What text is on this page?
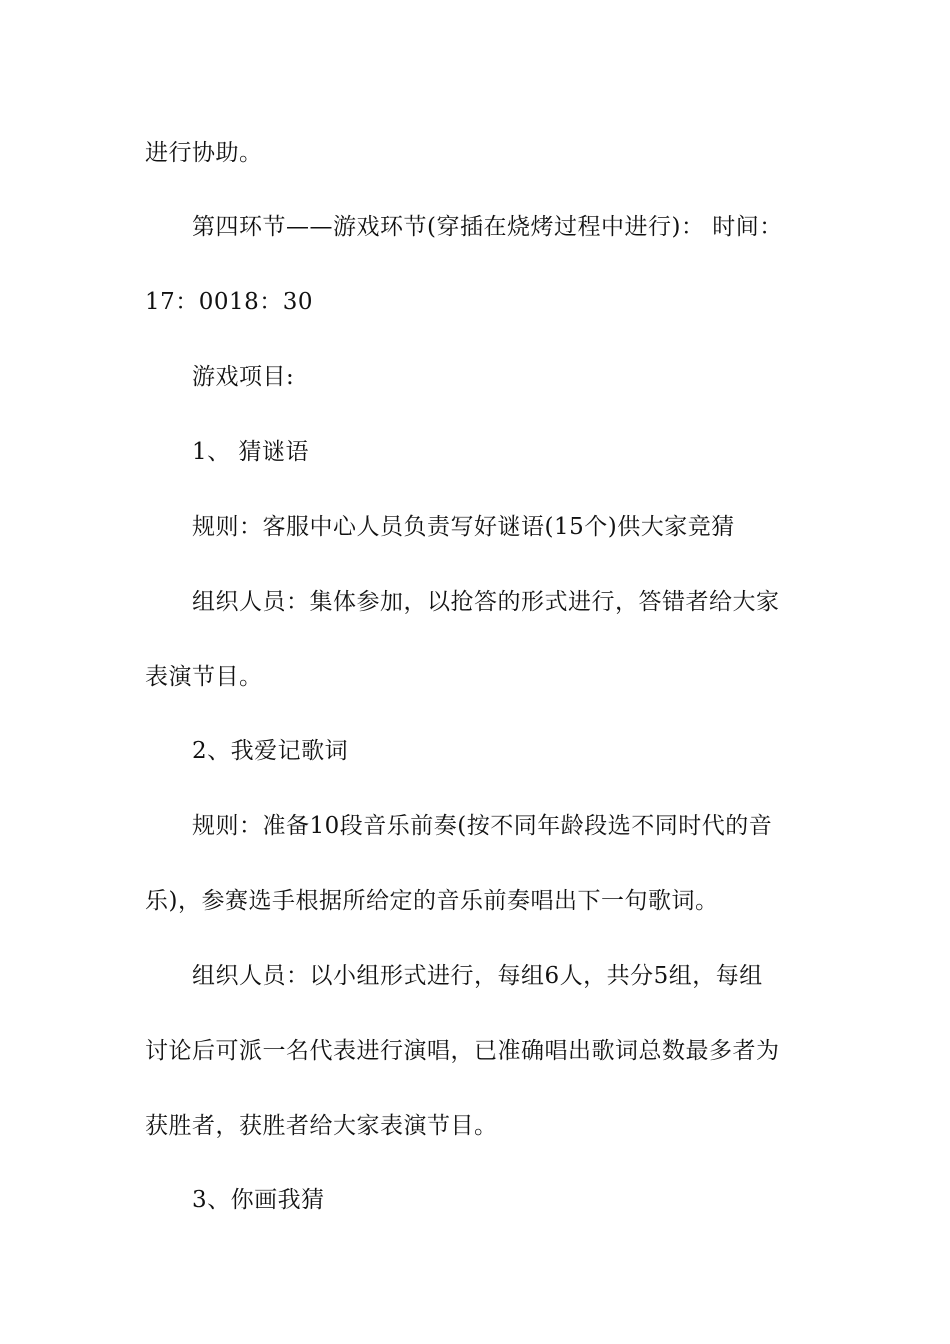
进行协助。
第四环节——游戏环节(穿插在烧烤过程中进行)： 时间：
17：0018：30
游戏项目:
1、 猜谜语
规则：客服中心人员负责写好谜语(15个)供大家竞猜
组织人员：集体参加，以抢答的形式进行，答错者给大家
表演节目。
2、我爱记歌词
规则：准备10段音乐前奏(按不同年龄段选不同时代的音
乐)，参赛选手根据所给定的音乐前奏唱出下一句歌词。
组织人员：以小组形式进行，每组6人，共分5组，每组
讨论后可派一名代表进行演唱，已准确唱出歌词总数最多者为
获胜者，获胜者给大家表演节目。
3、你画我猜
